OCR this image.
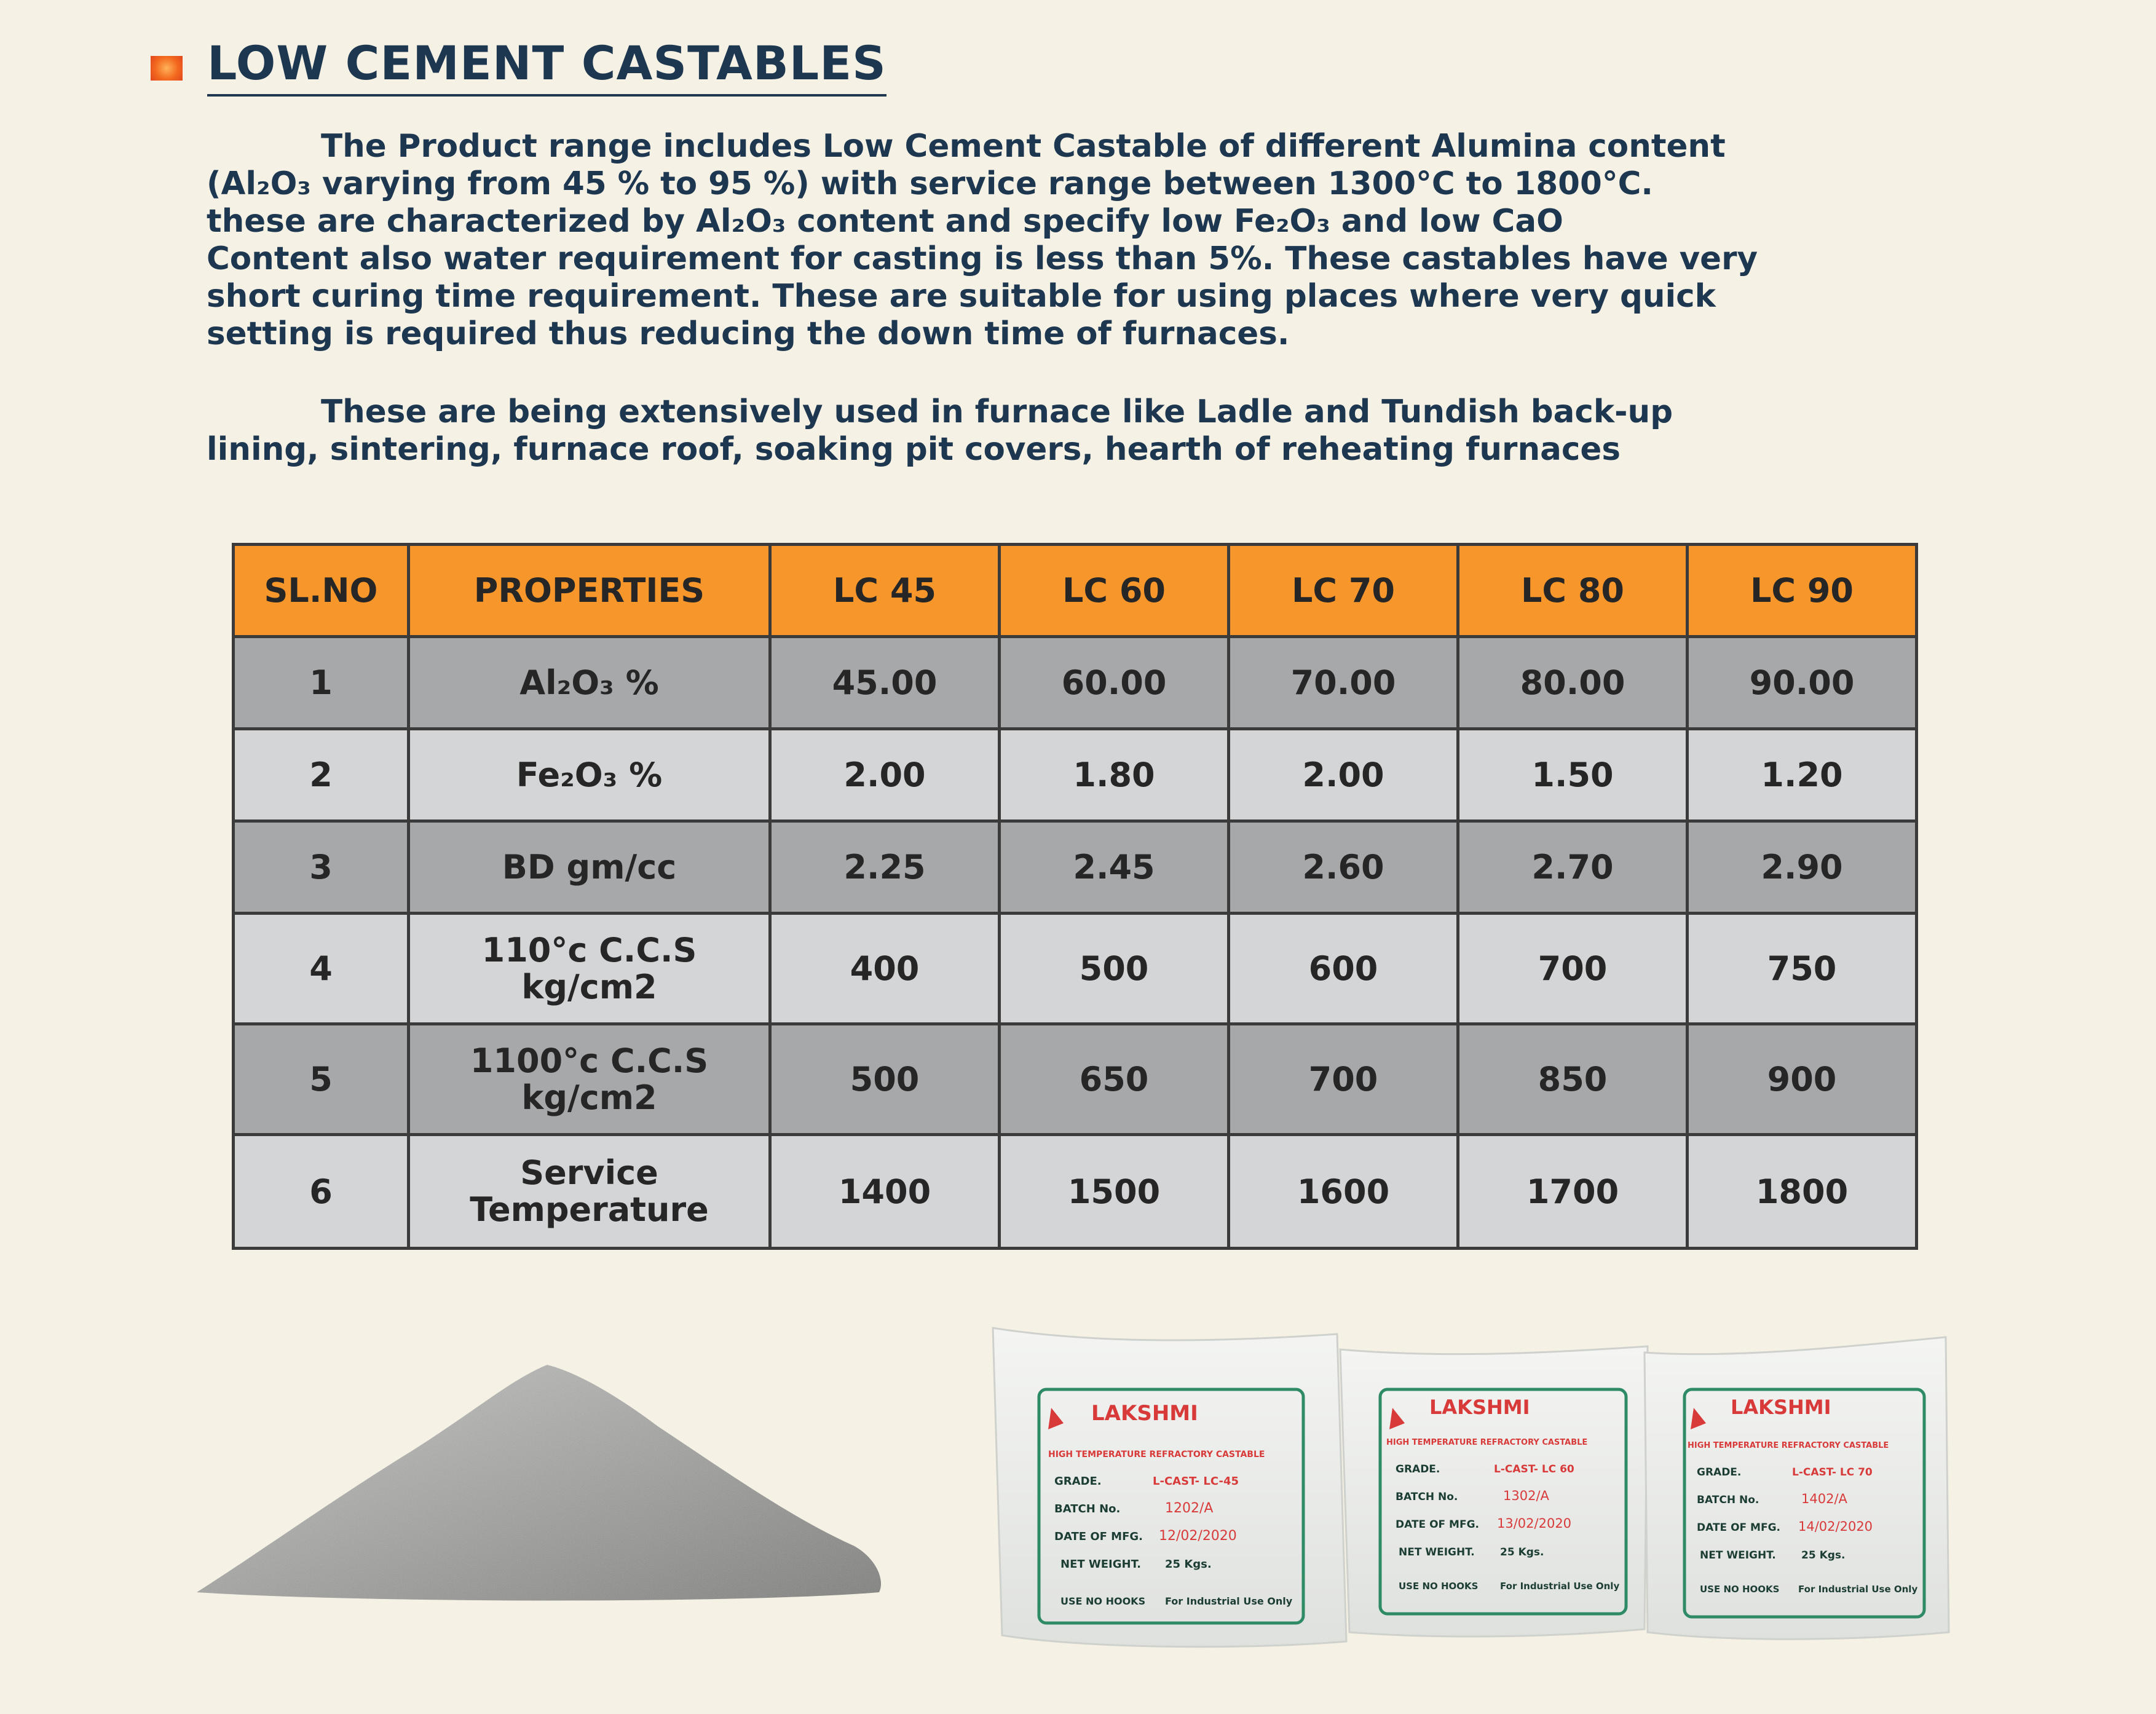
LOW CEMENT CASTABLES
The Product range includes Low Cement Castable of different Alumina content
(Al₂O₃ varying from 45 % to 95 %) with service range between 1300°C to 1800°C.
these are characterized by Al₂O₃ content and specify low Fe₂O₃ and low CaO
Content also water requirement for casting is less than 5%. These castables have very
short curing time requirement. These are suitable for using places where very quick
setting is required thus reducing the down time of furnaces.
These are being extensively used in furnace like Ladle and Tundish back-up
lining, sintering, furnace roof, soaking pit covers, hearth of reheating furnaces
SL.NO	PROPERTIES	LC 45	LC 60	LC 70	LC 80	LC 90
1	Al₂O₃ %	45.00	60.00	70.00	80.00	90.00
2	Fe₂O₃ %	2.00	1.80	2.00	1.50	1.20
3	BD gm/cc	2.25	2.45	2.60	2.70	2.90
4	110°c C.C.S
kg/cm2	400	500	600	700	750
5	1100°c C.C.S
kg/cm2	500	650	700	850	900
6	Service
Temperature	1400	1500	1600	1700	1800
LAKSHMI
HIGH TEMPERATURE REFRACTORY CASTABLE
GRADE.	L-CAST- LC-45
BATCH No.	1202/A
DATE OF MFG. 12/02/2020
NET WEIGHT. 25 Kgs.
USE NO HOOKS For Industrial Use Only
LAKSHMI
HIGH TEMPERATURE REFRACTORY CASTABLE
GRADE.	L-CAST- LC 60
BATCH No.	1302/A
DATE OF MFG. 13/02/2020
NET WEIGHT. 25 Kgs.
USE NO HOOKS For Industrial Use Only
LAKSHMI
HIGH TEMPERATURE REFRACTORY CASTABLE
GRADE.	L-CAST- LC 70
BATCH No.	1402/A
DATE OF MFG. 14/02/2020
NET WEIGHT. 25 Kgs.
USE NO HOOKS For Industrial Use Only
